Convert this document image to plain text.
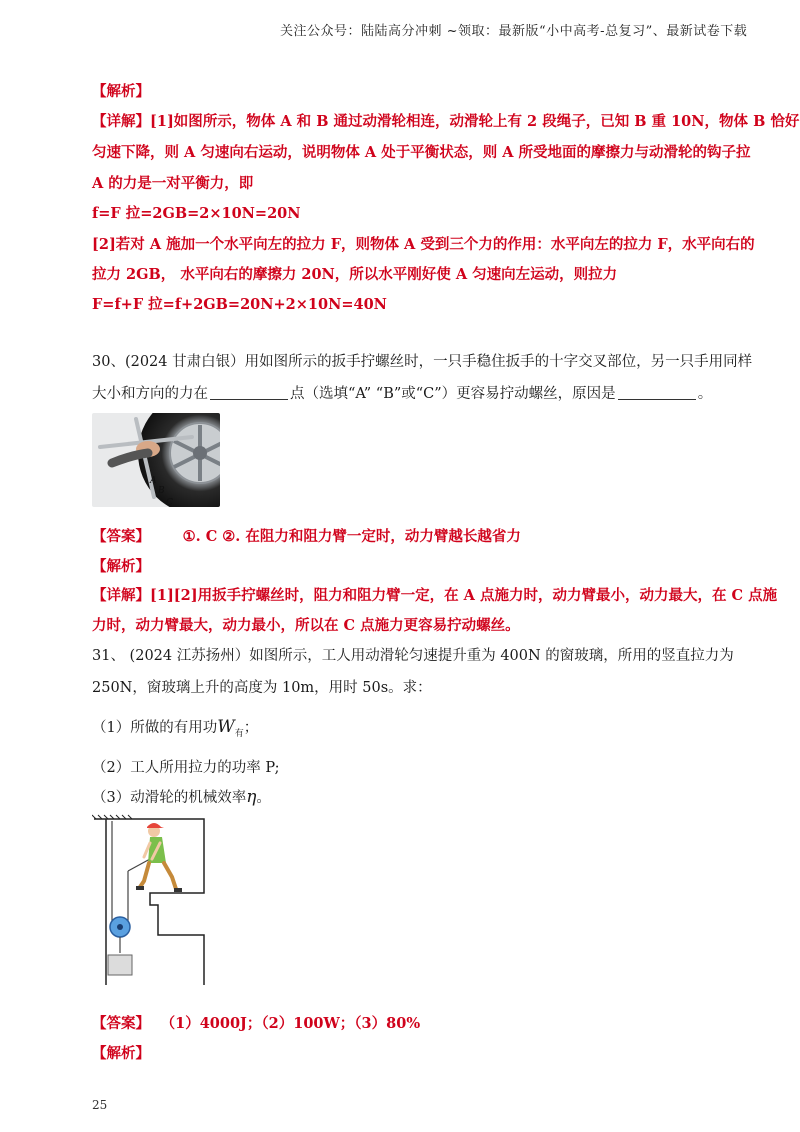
关注公众号：陆陆高分冲刺 ~领取：最新版“小中高考-总复习”、最新试卷下载
【解析】
【详解】[1]如图所示，物体 A 和 B 通过动滑轮相连，动滑轮上有 2 段绳子，已知 B 重 10N，物体 B 恰好
匀速下降，则 A 匀速向右运动，说明物体 A 处于平衡状态，则 A 所受地面的摩擦力与动滑轮的钩子拉
A 的力是一对平衡力，即
f=F 拉=2GB=2×10N=20N
[2]若对 A 施加一个水平向左的拉力 F，则物体 A 受到三个力的作用：水平向左的拉力 F，水平向右的
拉力 2GB， 水平向右的摩擦力 20N，所以水平刚好使 A 匀速向左运动，则拉力
F=f+F 拉=f+2GB=20N+2×10N=40N
30、(2024 甘肃白银）用如图所示的扳手拧螺丝时，一只手稳住扳手的十字交叉部位，另一只手用同样
大小和方向的力在	点（选填“A” “B”或“C”）更容易拧动螺丝，原因是	。
A
B
C
【答案】 ①. C ②. 在阻力和阻力臂一定时，动力臂越长越省力
【解析】
【详解】[1][2]用扳手拧螺丝时，阻力和阻力臂一定，在 A 点施力时，动力臂最小，动力最大，在 C 点施
力时，动力臂最大，动力最小，所以在 C 点施力更容易拧动螺丝。
31、 (2024 江苏扬州）如图所示，工人用动滑轮匀速提升重为 400N 的窗玻璃，所用的竖直拉力为
250N，窗玻璃上升的高度为 10m，用时 50s。求：
（1）所做的有用功$W_有$；
（2）工人所用拉力的功率 P;
（3）动滑轮的机械效率η。
【答案】 （1）4000J；（2）100W；（3）80%
【解析】
25
